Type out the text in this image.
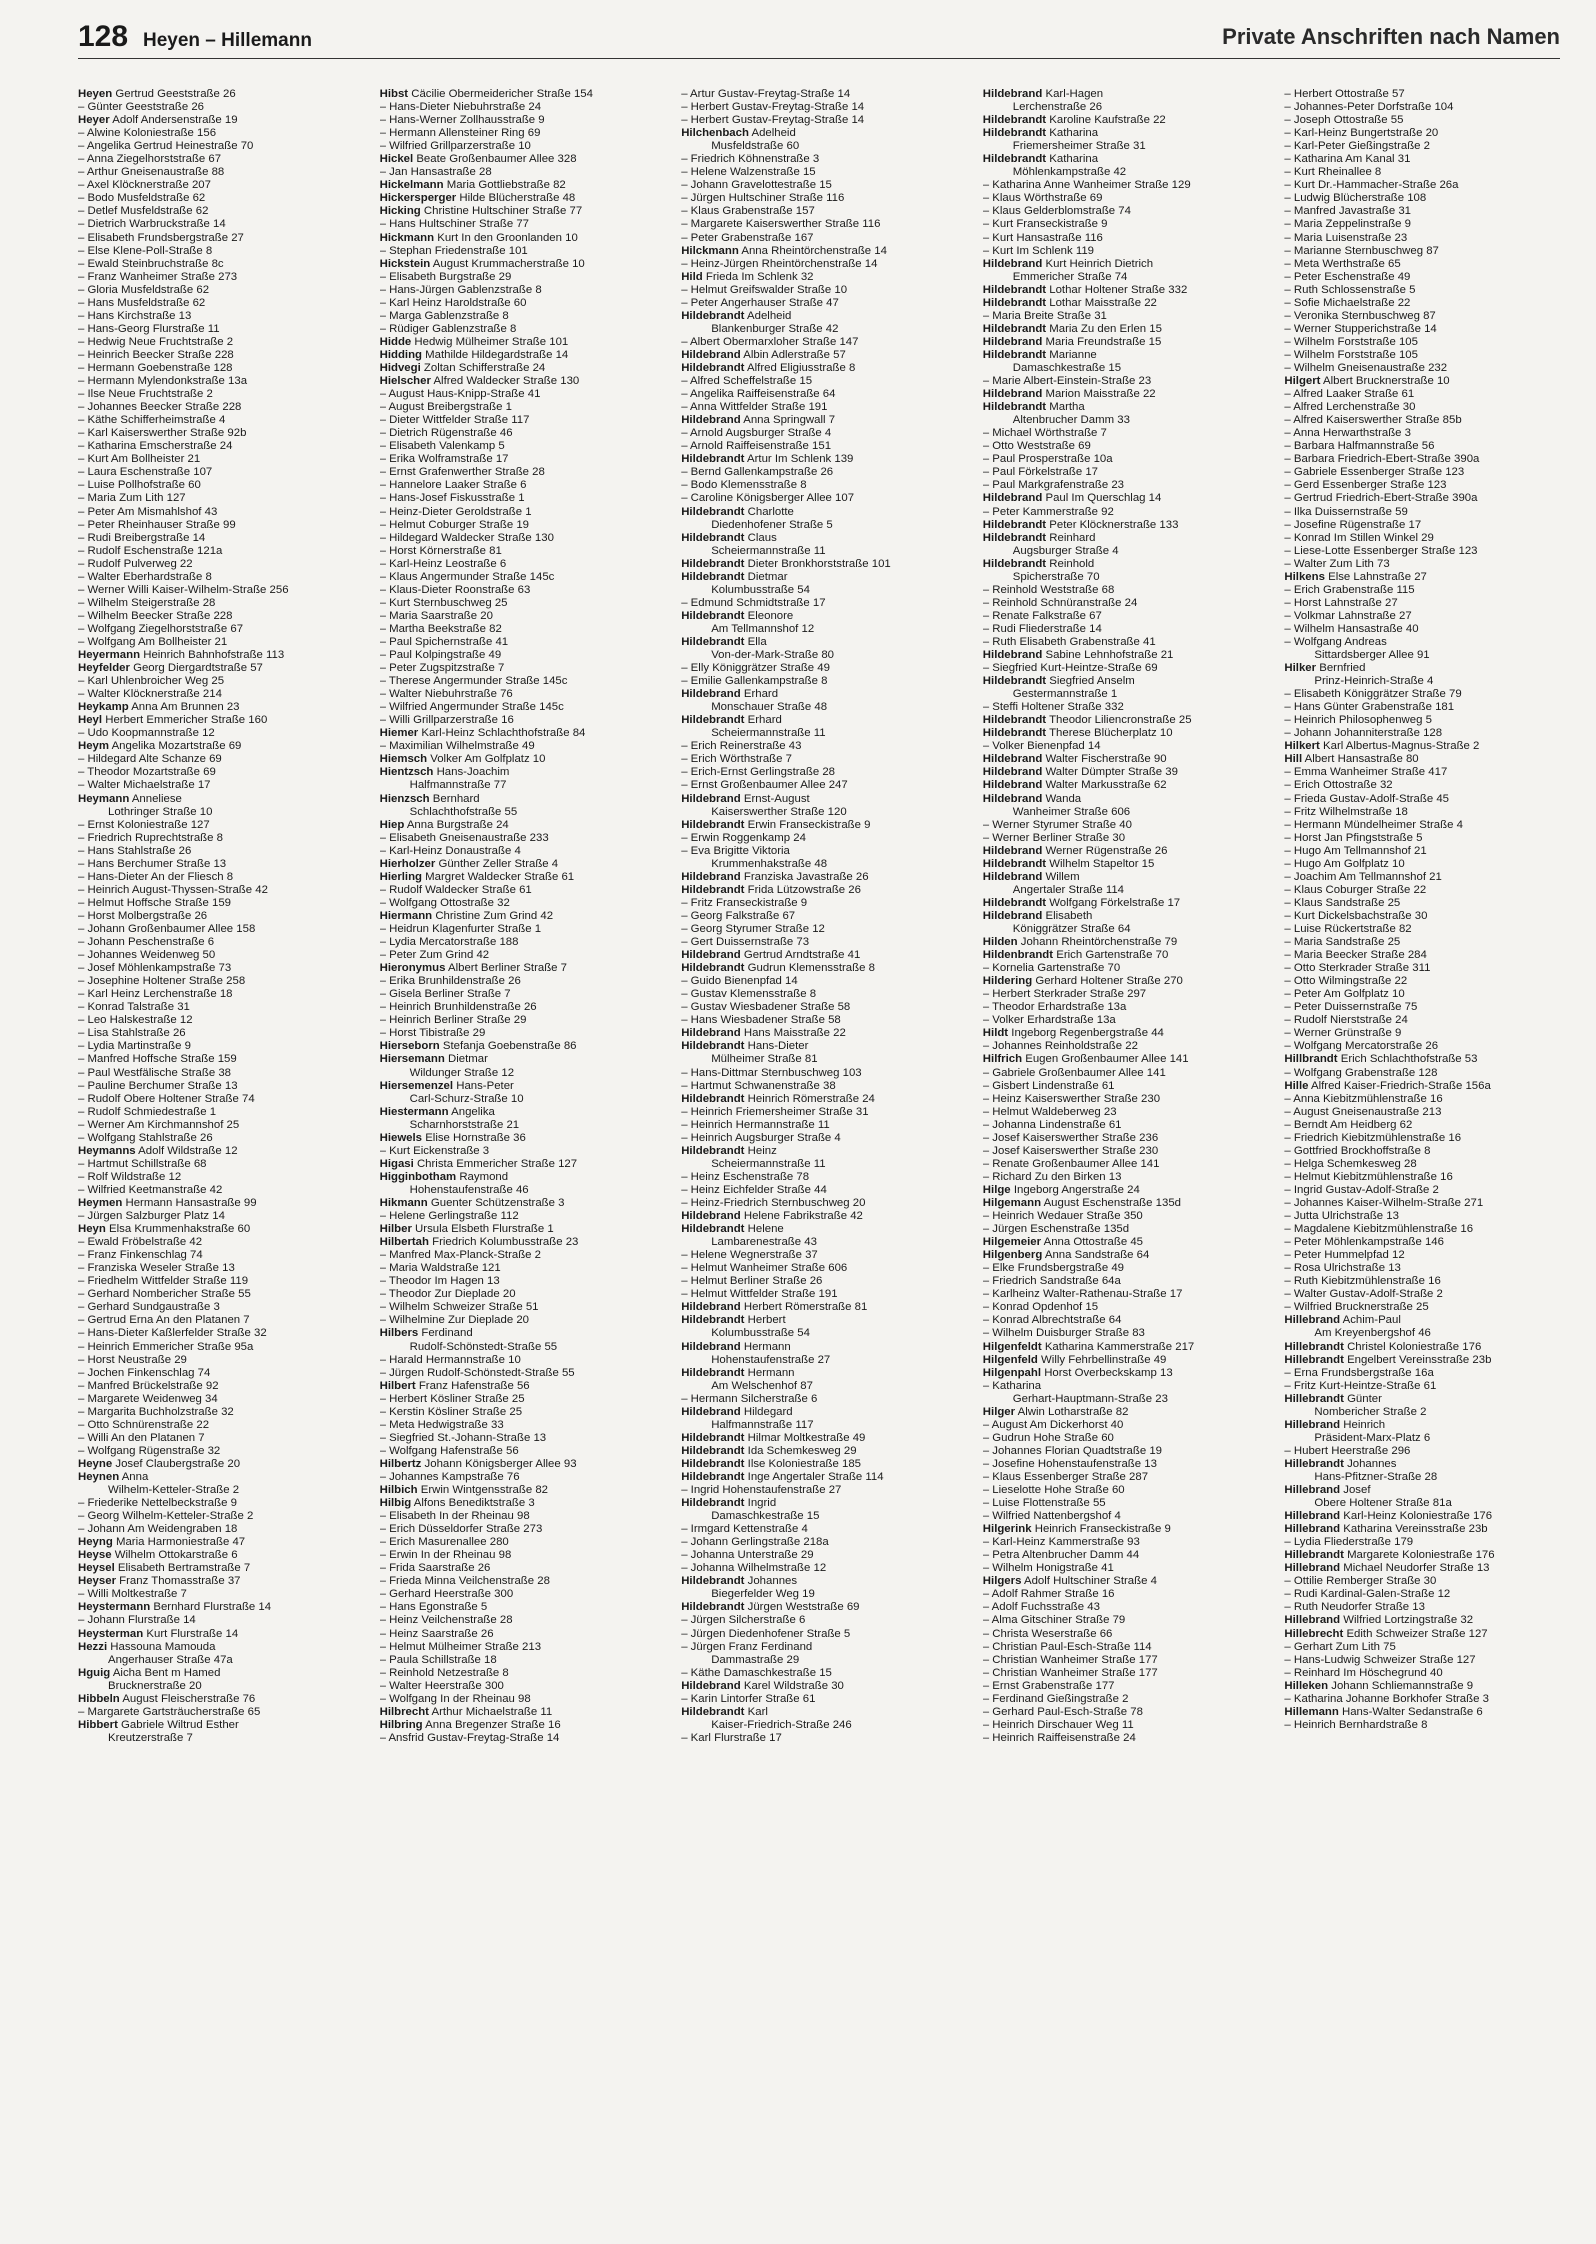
128 Heyen – Hillemann	Private Anschriften nach Namen
Heyen Gertrud Geeststraße 26
– Günter Geeststraße 26
Heyer Adolf Andersenstraße 19
– Alwine Koloniestraße 156
– Angelika Gertrud Heinestraße 70
– Anna Ziegelhorststraße 67
– Arthur Gneisenaustraße 88
– Axel Klöcknerstraße 207
– Bodo Musfeldstraße 62
– Detlef Musfeldstraße 62
– Dietrich Warbruckstraße 14
– Elisabeth Frundsbergstraße 27
– Else Klene-Poll-Straße 8
– Ewald Steinbruchstraße 8c
– Franz Wanheimer Straße 273
– Gloria Musfeldstraße 62
– Hans Musfeldstraße 62
– Hans Kirchstraße 13
– Hans-Georg Flurstraße 11
– Hedwig Neue Fruchtstraße 2
– Heinrich Beecker Straße 228
– Hermann Goebenstraße 128
– Hermann Mylendonkstraße 13a
– Ilse Neue Fruchtstraße 2
– Johannes Beecker Straße 228
– Käthe Schifferheimstraße 4
– Karl Kaiserswerther Straße 92b
– Katharina Emscherstraße 24
– Kurt Am Bollheister 21
– Laura Eschenstraße 107
– Luise Pollhofstraße 60
– Maria Zum Lith 127
– Peter Am Mismahlshof 43
– Peter Rheinhauser Straße 99
– Rudi Breibergstraße 14
– Rudolf Eschenstraße 121a
– Rudolf Pulverweg 22
– Walter Eberhardstraße 8
– Werner Willi Kaiser-Wilhelm-Straße 256
– Wilhelm Steigerstraße 28
– Wilhelm Beecker Straße 228
– Wolfgang Ziegelhorststraße 67
– Wolfgang Am Bollheister 21
Heyermann Heinrich Bahnhofstraße 113
Heyfelder Georg Diergardtstraße 57
– Karl Uhlenbroicher Weg 25
– Walter Klöcknerstraße 214
Heykamp Anna Am Brunnen 23
Heyl Herbert Emmericher Straße 160
– Udo Koopmannstraße 12
Heym Angelika Mozartstraße 69
– Hildegard Alte Schanze 69
– Theodor Mozartstraße 69
– Walter Michaelstraße 17
Heymann Anneliese
Lothringer Straße 10
– Ernst Koloniestraße 127
– Friedrich Ruprechtstraße 8
– Hans Stahlstraße 26
– Hans Berchumer Straße 13
– Hans-Dieter An der Fliesch 8
– Heinrich August-Thyssen-Straße 42
– Helmut Hoffsche Straße 159
– Horst Molbergstraße 26
– Johann Großenbaumer Allee 158
– Johann Peschenstraße 6
– Johannes Weidenweg 50
– Josef Möhlenkampstraße 73
– Josephine Holtener Straße 258
– Karl Heinz Lerchenstraße 18
– Konrad Talstraße 31
– Leo Halskestraße 12
– Lisa Stahlstraße 26
– Lydia Martinstraße 9
– Manfred Hoffsche Straße 159
– Paul Westfälische Straße 38
– Pauline Berchumer Straße 13
– Rudolf Obere Holtener Straße 74
– Rudolf Schmiedestraße 1
– Werner Am Kirchmannshof 25
– Wolfgang Stahlstraße 26
Heymanns Adolf Wildstraße 12
– Hartmut Schillstraße 68
– Rolf Wildstraße 12
– Wilfried Keetmanstraße 42
Heymen Hermann Hansastraße 99
– Jürgen Salzburger Platz 14
Heyn Elsa Krummenhakstraße 60
– Ewald Fröbelstraße 42
– Franz Finkenschlag 74
– Franziska Weseler Straße 13
– Friedhelm Wittfelder Straße 119
– Gerhard Nombericher Straße 55
– Gerhard Sundgaustraße 3
– Gertrud Erna An den Platanen 7
– Hans-Dieter Kaßlerfelder Straße 32
– Heinrich Emmericher Straße 95a
– Horst Neustraße 29
– Jochen Finkenschlag 74
– Manfred Brückelstraße 92
– Margarete Weidenweg 34
– Margarita Buchholzstraße 32
– Otto Schnürenstraße 22
– Willi An den Platanen 7
– Wolfgang Rügenstraße 32
Heyne Josef Claubergstraße 20
Heynen Anna
Wilhelm-Ketteler-Straße 2
– Friederike Nettelbeckstraße 9
– Georg Wilhelm-Ketteler-Straße 2
– Johann Am Weidengraben 18
Heyng Maria Harmoniestraße 47
Heyse Wilhelm Ottokarstraße 6
Heysel Elisabeth Bertramstraße 7
Heyser Franz Thomasstraße 37
– Willi Moltkestraße 7
Heystermann Bernhard Flurstraße 14
– Johann Flurstraße 14
Heysterman Kurt Flurstraße 14
Hezzi Hassouna Mamouda
Angerhauser Straße 47a
Hguig Aicha Bent m Hamed
Brucknerstraße 20
Hibbeln August Fleischerstraße 76
– Margarete Gartsträucherstraße 65
Hibbert Gabriele Wiltrud Esther
Kreutzerstraße 7
Hibst Cäcilie Obermeidericher Straße 154
– Hans-Dieter Niebuhrstraße 24
– Hans-Werner Zollhausstraße 9
– Hermann Allensteiner Ring 69
– Wilfried Grillparzerstraße 10
Hickel Beate Großenbaumer Allee 328
– Jan Hansastraße 28
Hickelmann Maria Gottliebstraße 82
Hickersperger Hilde Blücherstraße 48
Hicking Christine Hultschiner Straße 77
– Hans Hultschiner Straße 77
Hickmann Kurt In den Groonlanden 10
– Stephan Friedenstraße 101
Hickstein August Krummacherstraße 10
– Elisabeth Burgstraße 29
– Hans-Jürgen Gablenzstraße 8
– Karl Heinz Haroldstraße 60
– Marga Gablenzstraße 8
– Rüdiger Gablenzstraße 8
Hidde Hedwig Mülheimer Straße 101
Hidding Mathilde Hildegardstraße 14
Hidvegi Zoltan Schifferstraße 24
Hielscher Alfred Waldecker Straße 130
– August Haus-Knipp-Straße 41
– August Breibergstraße 1
– Dieter Wittfelder Straße 117
– Dietrich Rügenstraße 46
– Elisabeth Valenkamp 5
– Erika Wolframstraße 17
– Ernst Grafenwerther Straße 28
– Hannelore Laaker Straße 6
– Hans-Josef Fiskusstraße 1
– Heinz-Dieter Geroldstraße 1
– Helmut Coburger Straße 19
– Hildegard Waldecker Straße 130
– Horst Körnerstraße 81
– Karl-Heinz Leostraße 6
– Klaus Angermunder Straße 145c
– Klaus-Dieter Roonstraße 63
– Kurt Sternbuschweg 25
– Maria Saarstraße 20
– Martha Beekstraße 82
– Paul Spichernstraße 41
– Paul Kolpingstraße 49
– Peter Zugspitzstraße 7
– Therese Angermunder Straße 145c
– Walter Niebuhrstraße 76
– Wilfried Angermunder Straße 145c
– Willi Grillparzerstraße 16
Hiemer Karl-Heinz Schlachthofstraße 84
– Maximilian Wilhelmstraße 49
Hiemsch Volker Am Golfplatz 10
Hientzsch Hans-Joachim
Halfmannstraße 77
Hienzsch Bernhard
Schlachthofstraße 55
Hiep Anna Burgstraße 24
– Elisabeth Gneisenaustraße 233
– Karl-Heinz Donaustraße 4
Hierholzer Günther Zeller Straße 4
Hierling Margret Waldecker Straße 61
– Rudolf Waldecker Straße 61
– Wolfgang Ottostraße 32
Hiermann Christine Zum Grind 42
– Heidrun Klagenfurter Straße 1
– Lydia Mercatorstraße 188
– Peter Zum Grind 42
Hieronymus Albert Berliner Straße 7
– Erika Brunhildenstraße 26
– Gisela Berliner Straße 7
– Heinrich Brunhildenstraße 26
– Heinrich Berliner Straße 29
– Horst Tibistraße 29
Hierseborn Stefanja Goebenstraße 86
Hiersemann Dietmar
Wildunger Straße 12
Hiersemenzel Hans-Peter
Carl-Schurz-Straße 10
Hiestermann Angelika
Scharnhorststraße 21
Hiewels Elise Hornstraße 36
– Kurt Eickenstraße 3
Higasi Christa Emmericher Straße 127
Higginbotham Raymond
Hohenstaufenstraße 46
Hikmann Guenter Schützenstraße 3
– Helene Gerlingstraße 112
Hilber Ursula Elsbeth Flurstraße 1
Hilbertah Friedrich Kolumbusstraße 23
– Manfred Max-Planck-Straße 2
– Maria Waldstraße 121
– Theodor Im Hagen 13
– Theodor Zur Dieplade 20
– Wilhelm Schweizer Straße 51
– Wilhelmine Zur Dieplade 20
Hilbers Ferdinand
Rudolf-Schönstedt-Straße 55
– Harald Hermannstraße 10
– Jürgen Rudolf-Schönstedt-Straße 55
Hilbert Franz Hafenstraße 56
– Herbert Kösliner Straße 25
– Kerstin Kösliner Straße 25
– Meta Hedwigstraße 33
– Siegfried St.-Johann-Straße 13
– Wolfgang Hafenstraße 56
Hilbertz Johann Königsberger Allee 93
– Johannes Kampstraße 76
Hilbich Erwin Wintgensstraße 82
Hilbig Alfons Benediktstraße 3
– Elisabeth In der Rheinau 98
– Erich Düsseldorfer Straße 273
– Erich Masurenallee 280
– Erwin In der Rheinau 98
– Frida Saarstraße 26
– Frieda Minna Veilchenstraße 28
– Gerhard Heerstraße 300
– Hans Egonstraße 5
– Heinz Veilchenstraße 28
– Heinz Saarstraße 26
– Helmut Mülheimer Straße 213
– Paula Schillstraße 18
– Reinhold Netzestraße 8
– Walter Heerstraße 300
– Wolfgang In der Rheinau 98
Hilbrecht Arthur Michaelstraße 11
Hilbring Anna Bregenzer Straße 16
– Ansfrid Gustav-Freytag-Straße 14
– Artur Gustav-Freytag-Straße 14
– Herbert Gustav-Freytag-Straße 14
– Herbert Gustav-Freytag-Straße 14
Hilchenbach Adelheid
Musfeldstraße 60
– Friedrich Köhnenstraße 3
– Helene Walzenstraße 15
– Johann Gravelottestraße 15
– Jürgen Hultschiner Straße 116
– Klaus Grabenstraße 157
– Margarete Kaiserswerther Straße 116
– Peter Grabenstraße 167
Hilckmann Anna Rheintörchenstraße 14
– Heinz-Jürgen Rheintörchenstraße 14
Hild Frieda Im Schlenk 32
– Helmut Greifswalder Straße 10
– Peter Angerhauser Straße 47
Hildebrandt Adelheid
Blankenburger Straße 42
– Albert Obermarxloher Straße 147
Hildebrand Albin Adlerstraße 57
Hildebrandt Alfred Eligiusstraße 8
– Alfred Scheffelstraße 15
– Angelika Raiffeisenstraße 64
– Anna Wittfelder Straße 191
Hildebrand Anna Springwall 7
– Arnold Augsburger Straße 4
– Arnold Raiffeisenstraße 151
Hildebrandt Artur Im Schlenk 139
– Bernd Gallenkampstraße 26
– Bodo Klemensstraße 8
– Caroline Königsberger Allee 107
Hildebrandt Charlotte
Diedenhofener Straße 5
Hildebrandt Claus
Scheiermannstraße 11
Hildebrandt Dieter Bronkhorststraße 101
Hildebrandt Dietmar
Kolumbusstraße 54
– Edmund Schmidtstraße 17
Hildebrandt Eleonore
Am Tellmannshof 12
Hildebrandt Ella
Von-der-Mark-Straße 80
– Elly Königgrätzer Straße 49
– Emilie Gallenkampstraße 8
Hildebrand Erhard
Monschauer Straße 48
Hildebrandt Erhard
Scheiermannstraße 11
– Erich Reinerstraße 43
– Erich Wörthstraße 7
– Erich-Ernst Gerlingstraße 28
– Ernst Großenbaumer Allee 247
Hildebrand Ernst-August
Kaiserswerther Straße 120
Hildebrandt Erwin Franseckistraße 9
– Erwin Roggenkamp 24
– Eva Brigitte Viktoria
Krummenhakstraße 48
Hildebrand Franziska Javastraße 26
Hildebrandt Frida Lützowstraße 26
– Fritz Franseckistraße 9
– Georg Falkstraße 67
– Georg Styrumer Straße 12
– Gert Duissernstraße 73
Hildebrand Gertrud Arndtstraße 41
Hildebrandt Gudrun Klemensstraße 8
– Guido Bienenpfad 14
– Gustav Klemensstraße 8
– Gustav Wiesbadener Straße 58
– Hans Wiesbadener Straße 58
Hildebrand Hans Maisstraße 22
Hildebrandt Hans-Dieter
Mülheimer Straße 81
– Hans-Dittmar Sternbuschweg 103
– Hartmut Schwanenstraße 38
Hildebrandt Heinrich Römerstraße 24
– Heinrich Friemersheimer Straße 31
– Heinrich Hermannstraße 11
– Heinrich Augsburger Straße 4
Hildebrandt Heinz
Scheiermannstraße 11
– Heinz Eschenstraße 78
– Heinz Eichfelder Straße 44
– Heinz-Friedrich Sternbuschweg 20
Hildebrand Helene Fabrikstraße 42
Hildebrandt Helene
Lambarenestraße 43
– Helene Wegnerstraße 37
– Helmut Wanheimer Straße 606
– Helmut Berliner Straße 26
– Helmut Wittfelder Straße 191
Hildebrand Herbert Römerstraße 81
Hildebrandt Herbert
Kolumbusstraße 54
Hildebrand Hermann
Hohenstaufenstraße 27
Hildebrandt Hermann
Am Welschenhof 87
– Hermann Silcherstraße 6
Hildebrand Hildegard
Halfmannstraße 117
Hildebrandt Hilmar Moltkestraße 49
Hildebrandt Ida Schemkesweg 29
Hildebrandt Ilse Koloniestraße 185
Hildebrandt Inge Angertaler Straße 114
– Ingrid Hohenstaufenstraße 27
Hildebrandt Ingrid
Damaschkestraße 15
– Irmgard Kettenstraße 4
– Johann Gerlingstraße 218a
– Johanna Unterstraße 29
– Johanna Wilhelmstraße 12
Hildebrandt Johannes
Biegerfelder Weg 19
Hildebrandt Jürgen Weststraße 69
– Jürgen Silcherstraße 6
– Jürgen Diedenhofener Straße 5
– Jürgen Franz Ferdinand
Dammastraße 29
– Käthe Damaschkestraße 15
Hildebrand Karel Wildstraße 30
– Karin Lintorfer Straße 61
Hildebrandt Karl
Kaiser-Friedrich-Straße 246
– Karl Flurstraße 17
Hildebrand Karl-Hagen
Lerchenstraße 26
Hildebrandt Karoline Kaufstraße 22
Hildebrandt Katharina
Friemersheimer Straße 31
Hildebrandt Katharina
Möhlenkampstraße 42
– Katharina Anne Wanheimer Straße 129
– Klaus Wörthstraße 69
– Klaus Gelderblomstraße 74
– Kurt Franseckistraße 9
– Kurt Hansastraße 116
– Kurt Im Schlenk 119
Hildebrand Kurt Heinrich Dietrich
Emmericher Straße 74
Hildebrandt Lothar Holtener Straße 332
Hildebrandt Lothar Maisstraße 22
– Maria Breite Straße 31
Hildebrandt Maria Zu den Erlen 15
Hildebrand Maria Freundstraße 15
Hildebrandt Marianne
Damaschkestraße 15
– Marie Albert-Einstein-Straße 23
Hildebrand Marion Maisstraße 22
Hildebrandt Martha
Altenbrucher Damm 33
– Michael Wörthstraße 7
– Otto Weststraße 69
– Paul Prosperstraße 10a
– Paul Förkelstraße 17
– Paul Markgrafenstraße 23
Hildebrand Paul Im Querschlag 14
– Peter Kammerstraße 92
Hildebrandt Peter Klöcknerstraße 133
Hildebrandt Reinhard
Augsburger Straße 4
Hildebrandt Reinhold
Spicherstraße 70
– Reinhold Weststraße 68
– Reinhold Schnüranstraße 24
– Renate Falkstraße 67
– Rudi Fliederstraße 14
– Ruth Elisabeth Grabenstraße 41
Hildebrand Sabine Lehnhofstraße 21
– Siegfried Kurt-Heintze-Straße 69
Hildebrandt Siegfried Anselm
Gestermannstraße 1
– Steffi Holtener Straße 332
Hildebrandt Theodor Liliencronstraße 25
Hildebrandt Therese Blücherplatz 10
– Volker Bienenpfad 14
Hildebrand Walter Fischerstraße 90
Hildebrand Walter Dümpter Straße 39
Hildebrand Walter Markusstraße 62
Hildebrand Wanda
Wanheimer Straße 606
– Werner Styrumer Straße 40
– Werner Berliner Straße 30
Hildebrand Werner Rügenstraße 26
Hildebrandt Wilhelm Stapeltor 15
Hildebrand Willem
Angertaler Straße 114
Hildebrandt Wolfgang Förkelstraße 17
Hildebrand Elisabeth
Königgrätzer Straße 64
Hilden Johann Rheintörchenstraße 79
Hildenbrandt Erich Gartenstraße 70
– Kornelia Gartenstraße 70
Hildering Gerhard Holtener Straße 270
– Herbert Sterkrader Straße 297
– Theodor Erhardstraße 13a
– Volker Erhardstraße 13a
Hildt Ingeborg Regenbergstraße 44
– Johannes Reinholdstraße 22
Hilfrich Eugen Großenbaumer Allee 141
– Gabriele Großenbaumer Allee 141
– Gisbert Lindenstraße 61
– Heinz Kaiserswerther Straße 230
– Helmut Waldeberweg 23
– Johanna Lindenstraße 61
– Josef Kaiserswerther Straße 236
– Josef Kaiserswerther Straße 230
– Renate Großenbaumer Allee 141
– Richard Zu den Birken 13
Hilge Ingeborg Angerstraße 24
Hilgemann August Eschenstraße 135d
– Heinrich Wedauer Straße 350
– Jürgen Eschenstraße 135d
Hilgemeier Anna Ottostraße 45
Hilgenberg Anna Sandstraße 64
– Elke Frundsbergstraße 49
– Friedrich Sandstraße 64a
– Karlheinz Walter-Rathenau-Straße 17
– Konrad Opdenhof 15
– Konrad Albrechtstraße 64
– Wilhelm Duisburger Straße 83
Hilgenfeldt Katharina Kammerstraße 217
Hilgenfeld Willy Fehrbellinstraße 49
Hilgenpahl Horst Overbeckskamp 13
– Katharina
Gerhart-Hauptmann-Straße 23
Hilger Alwin Lotharstraße 82
– August Am Dickerhorst 40
– Gudrun Hohe Straße 60
– Johannes Florian Quadtstraße 19
– Josefine Hohenstaufenstraße 13
– Klaus Essenberger Straße 287
– Lieselotte Hohe Straße 60
– Luise Flottenstraße 55
– Wilfried Nattenbergshof 4
Hilgerink Heinrich Franseckistraße 9
– Karl-Heinz Kammerstraße 93
– Petra Altenbrucher Damm 44
– Wilhelm Honigstraße 41
Hilgers Adolf Hultschiner Straße 4
– Adolf Rahmer Straße 16
– Adolf Fuchsstraße 43
– Alma Gitschiner Straße 79
– Christa Weserstraße 66
– Christian Paul-Esch-Straße 114
– Christian Wanheimer Straße 177
– Christian Wanheimer Straße 177
– Ernst Grabenstraße 177
– Ferdinand Gießingstraße 2
– Gerhard Paul-Esch-Straße 78
– Heinrich Dirschauer Weg 11
– Heinrich Raiffeisenstraße 24
– Herbert Ottostraße 57
– Johannes-Peter Dorfstraße 104
– Joseph Ottostraße 55
– Karl-Heinz Bungertstraße 20
– Karl-Peter Gießingstraße 2
– Katharina Am Kanal 31
– Kurt Rheinallee 8
– Kurt Dr.-Hammacher-Straße 26a
– Ludwig Blücherstraße 108
– Manfred Javastraße 31
– Maria Zeppelinstraße 9
– Maria Luisenstraße 23
– Marianne Sternbuschweg 87
– Meta Werthstraße 65
– Peter Eschenstraße 49
– Ruth Schlossenstraße 5
– Sofie Michaelstraße 22
– Veronika Sternbuschweg 87
– Werner Stupperichstraße 14
– Wilhelm Forststraße 105
– Wilhelm Forststraße 105
– Wilhelm Gneisenaustraße 232
Hilgert Albert Brucknerstraße 10
– Alfred Laaker Straße 61
– Alfred Lerchenstraße 30
– Alfred Kaiserswerther Straße 85b
– Anna Herwarthstraße 3
– Barbara Halfmannstraße 56
– Barbara Friedrich-Ebert-Straße 390a
– Gabriele Essenberger Straße 123
– Gerd Essenberger Straße 123
– Gertrud Friedrich-Ebert-Straße 390a
– Ilka Duissernstraße 59
– Josefine Rügenstraße 17
– Konrad Im Stillen Winkel 29
– Liese-Lotte Essenberger Straße 123
– Walter Zum Lith 73
Hilkens Else Lahnstraße 27
– Erich Grabenstraße 115
– Horst Lahnstraße 27
– Volkmar Lahnstraße 27
– Wilhelm Hansastraße 40
– Wolfgang Andreas
Sittardsberger Allee 91
Hilker Bernfried
Prinz-Heinrich-Straße 4
– Elisabeth Königgrätzer Straße 79
– Hans Günter Grabenstraße 181
– Heinrich Philosophenweg 5
– Johann Johanniterstraße 128
Hilkert Karl Albertus-Magnus-Straße 2
Hill Albert Hansastraße 80
– Emma Wanheimer Straße 417
– Erich Ottostraße 32
– Frieda Gustav-Adolf-Straße 45
– Fritz Wilhelmstraße 18
– Hermann Mündelheimer Straße 4
– Horst Jan Pfingststraße 5
– Hugo Am Tellmannshof 21
– Hugo Am Golfplatz 10
– Joachim Am Tellmannshof 21
– Klaus Coburger Straße 22
– Klaus Sandstraße 25
– Kurt Dickelsbachstraße 30
– Luise Rückertstraße 82
– Maria Sandstraße 25
– Maria Beecker Straße 284
– Otto Sterkrader Straße 311
– Otto Wilmingstraße 22
– Peter Am Golfplatz 10
– Peter Duissernstraße 75
– Rudolf Nierststraße 24
– Werner Grünstraße 9
– Wolfgang Mercatorstraße 26
Hillbrandt Erich Schlachthofstraße 53
– Wolfgang Grabenstraße 128
Hille Alfred Kaiser-Friedrich-Straße 156a
– Anna Kiebitzmühlenstraße 16
– August Gneisenaustraße 213
– Berndt Am Heidberg 62
– Friedrich Kiebitzmühlenstraße 16
– Gottfried Brockhoffstraße 8
– Helga Schemkesweg 28
– Helmut Kiebitzmühlenstraße 16
– Ingrid Gustav-Adolf-Straße 2
– Johannes Kaiser-Wilhelm-Straße 271
– Jutta Ulrichstraße 13
– Magdalene Kiebitzmühlenstraße 16
– Peter Möhlenkampstraße 146
– Peter Hummelpfad 12
– Rosa Ulrichstraße 13
– Ruth Kiebitzmühlenstraße 16
– Walter Gustav-Adolf-Straße 2
– Wilfried Brucknerstraße 25
Hillebrand Achim-Paul
Am Kreyenbergshof 46
Hillebrandt Christel Koloniestraße 176
Hillebrandt Engelbert Vereinsstraße 23b
– Erna Frundsbergstraße 16a
– Fritz Kurt-Heintze-Straße 61
Hillebrandt Günter
Nombericher Straße 2
Hillebrand Heinrich
Präsident-Marx-Platz 6
– Hubert Heerstraße 296
Hillebrandt Johannes
Hans-Pfitzner-Straße 28
Hillebrand Josef
Obere Holtener Straße 81a
Hillebrand Karl-Heinz Koloniestraße 176
Hillebrand Katharina Vereinsstraße 23b
– Lydia Fliederstraße 179
Hillebrandt Margarete Koloniestraße 176
Hillebrand Michael Neudorfer Straße 13
– Ottilie Remberger Straße 30
– Rudi Kardinal-Galen-Straße 12
– Ruth Neudorfer Straße 13
Hillebrand Wilfried Lortzingstraße 32
Hillebrecht Edith Schweizer Straße 127
– Gerhart Zum Lith 75
– Hans-Ludwig Schweizer Straße 127
– Reinhard Im Höschegrund 40
Hilleken Johann Schliemannstraße 9
– Katharina Johanne Borkhofer Straße 3
Hillemann Hans-Walter Sedanstraße 6
– Heinrich Bernhardstraße 8
